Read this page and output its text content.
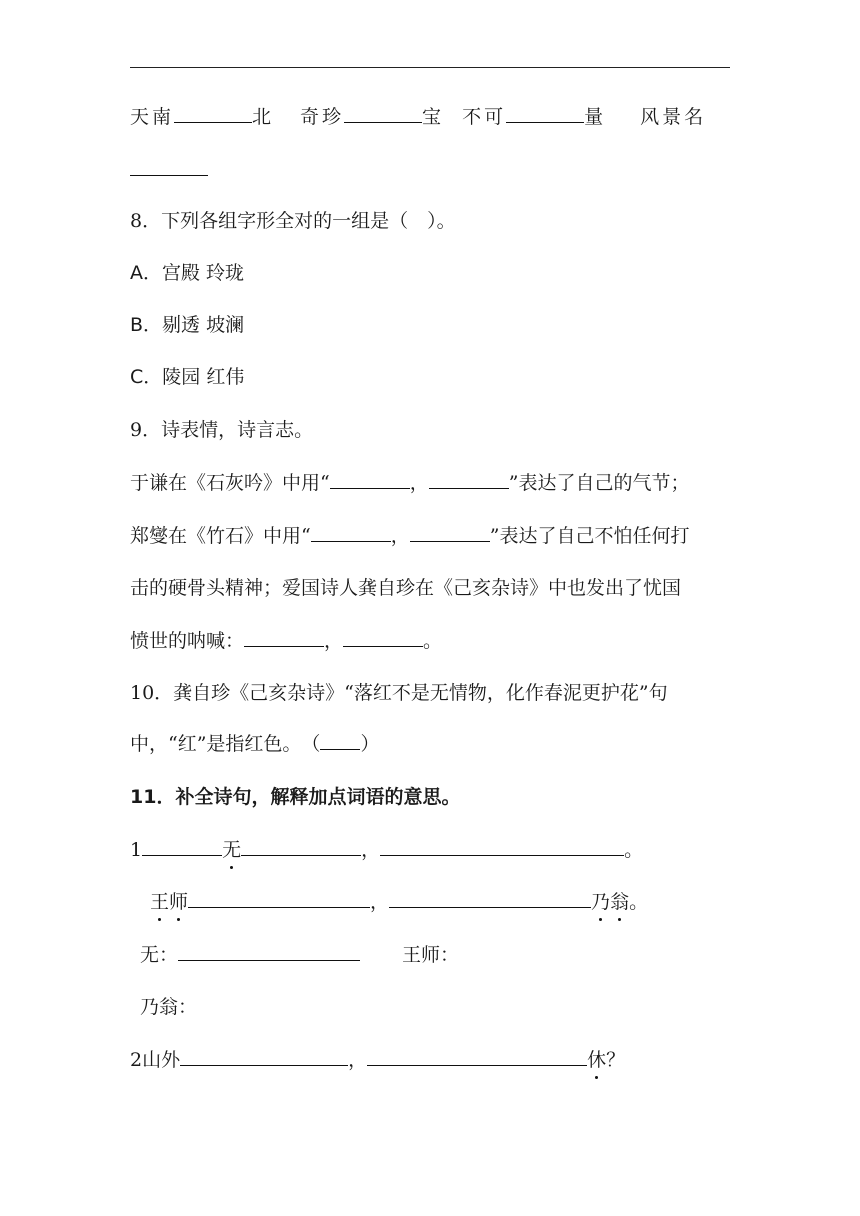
天南	北 奇珍	宝 不可	量 风景名
8．下列各组字形全对的一组是（　）。
A．宫殿 玲珑
B．剔透 坡澜
C．陵园 红伟
9．诗表情，诗言志。
于谦在《石灰吟》中用“	，	”表达了自己的气节；
郑燮在《竹石》中用“	，	”表达了自己不怕任何打
击的硬骨头精神；爱国诗人龚自珍在《己亥杂诗》中也发出了忧国
愤世的呐喊：	，	。
10．龚自珍《己亥杂诗》“落红不是无情物，化作春泥更护花”句
中，“红”是指红色。　（ ）
11．补全诗句，解释加点词语的意思。
1	无	，	。
王师	，	乃翁。
无：	王师：
乃翁：
2山外	，	休？
